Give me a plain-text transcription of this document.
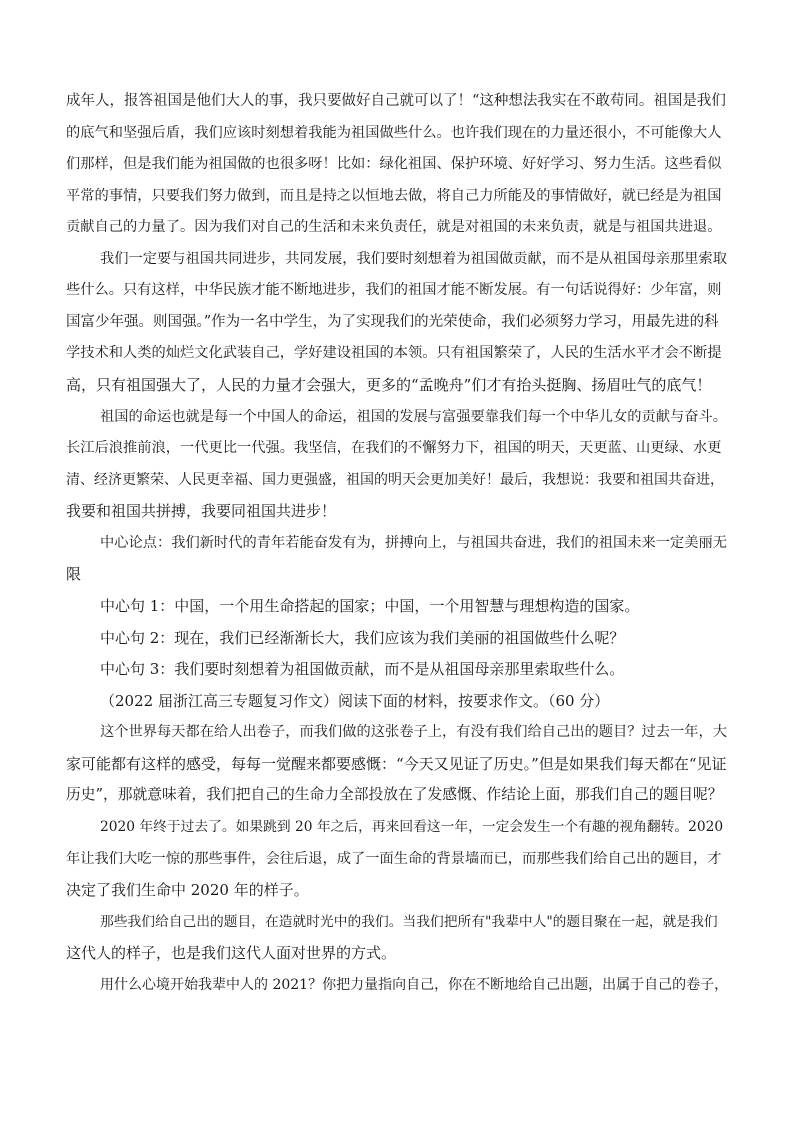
成年人，报答祖国是他们大人的事，我只要做好自己就可以了！“这种想法我实在不敢苟同。祖国是我们
的底气和坚强后盾，我们应该时刻想着我能为祖国做些什么。也许我们现在的力量还很小，不可能像大人
们那样，但是我们能为祖国做的也很多呀！比如：绿化祖国、保护环境、好好学习、努力生活。这些看似
平常的事情，只要我们努力做到，而且是持之以恒地去做，将自己力所能及的事情做好，就已经是为祖国
贡献自己的力量了。因为我们对自己的生活和未来负责任，就是对祖国的未来负责，就是与祖国共进退。
我们一定要与祖国共同进步，共同发展，我们要时刻想着为祖国做贡献，而不是从祖国母亲那里索取
些什么。只有这样，中华民族才能不断地进步，我们的祖国才能不断发展。有一句话说得好：少年富，则
国富少年强。则国强。”作为一名中学生，为了实现我们的光荣使命，我们必须努力学习，用最先进的科
学技术和人类的灿烂文化武装自己，学好建设祖国的本领。只有祖国繁荣了，人民的生活水平才会不断提
高，只有祖国强大了，人民的力量才会强大，更多的“孟晚舟”们才有抬头挺胸、扬眉吐气的底气！
祖国的命运也就是每一个中国人的命运，祖国的发展与富强要靠我们每一个中华儿女的贡献与奋斗。
长江后浪推前浪，一代更比一代强。我坚信，在我们的不懈努力下，祖国的明天，天更蓝、山更绿、水更
清、经济更繁荣、人民更幸福、国力更强盛，祖国的明天会更加美好！最后，我想说：我要和祖国共奋进，
我要和祖国共拼搏，我要同祖国共进步！
中心论点：我们新时代的青年若能奋发有为，拼搏向上，与祖国共奋进，我们的祖国未来一定美丽无
限
中心句 1：中国，一个用生命搭起的国家；中国，一个用智慧与理想构造的国家。
中心句 2：现在，我们已经渐渐长大，我们应该为我们美丽的祖国做些什么呢？
中心句 3：我们要时刻想着为祖国做贡献，而不是从祖国母亲那里索取些什么。
（2022 届浙江高三专题复习作文）阅读下面的材料，按要求作文。（60 分）
这个世界每天都在给人出卷子，而我们做的这张卷子上，有没有我们给自己出的题目？过去一年，大
家可能都有这样的感受，每每一觉醒来都要感慨：“今天又见证了历史。”但是如果我们每天都在“见证
历史”，那就意味着，我们把自己的生命力全部投放在了发感慨、作结论上面，那我们自己的题目呢？
2020 年终于过去了。如果跳到 20 年之后，再来回看这一年，一定会发生一个有趣的视角翻转。2020
年让我们大吃一惊的那些事件，会往后退，成了一面生命的背景墙而已，而那些我们给自己出的题目，才
决定了我们生命中 2020 年的样子。
那些我们给自己出的题目，在造就时光中的我们。当我们把所有"我辈中人"的题目聚在一起，就是我们
这代人的样子，也是我们这代人面对世界的方式。
用什么心境开始我辈中人的 2021？你把力量指向自己，你在不断地给自己出题，出属于自己的卷子，
